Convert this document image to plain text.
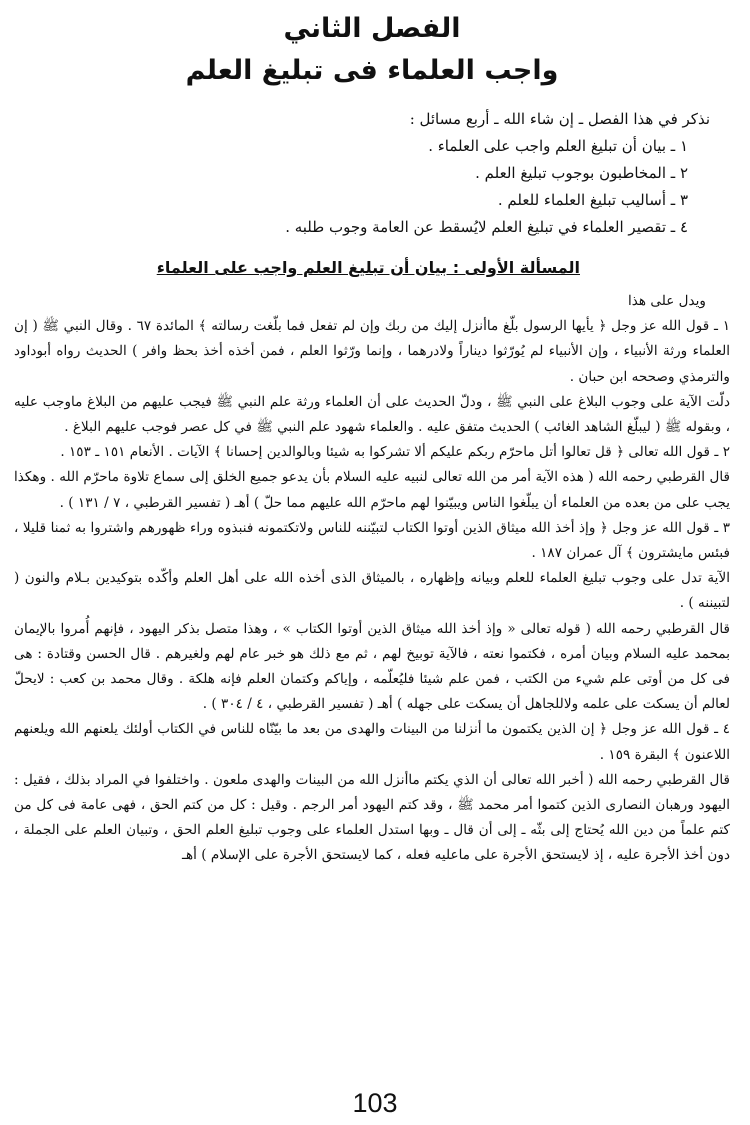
الفصل الثاني
واجب العلماء فى تبليغ العلم
نذكر في هذا الفصل ـ إن شاء الله ـ أربع مسائل :
١ ـ بيان أن تبليغ العلم واجب على العلماء .
٢ ـ المخاطبون بوجوب تبليغ العلم .
٣ ـ أساليب تبليغ العلماء للعلم .
٤ ـ تقصير العلماء في تبليغ العلم لايُسقط عن العامة وجوب طلبه .
المسألة الأولى : بيان أن تبليغ العلم واجب على العلماء

ويدل على هذا

١ ـ قول الله عز وجل ﴿ يأيها الرسول بلّغ ماأنزل إليك من ربك وإن لم تفعل فما بلّغت رسالته ﴾ المائدة ٦٧ . وقال النبي ﷺ ( إن العلماء ورثة الأنبياء ، وإن الأنبياء لم يُورّثوا ديناراً ولادرهما ، وإنما ورّثوا العلم ، فمن أخذه أخذ بحظ وافر ) الحديث رواه أبوداود والترمذي وصححه ابن حبان .

دلّت الآية على وجوب البلاغ على النبي ﷺ ، ودلّ الحديث على أن العلماء ورثة علم النبي ﷺ فيجب عليهم من البلاغ ماوجب عليه ، وبقوله ﷺ ( ليبلّغ الشاهد الغائب ) الحديث متفق عليه . والعلماء شهود علم النبي ﷺ في كل عصر فوجب عليهم البلاغ .

٢ ـ قول الله تعالى ﴿ قل تعالوا أتل ماحرّم ربكم عليكم ألا تشركوا به شيئا وبالوالدين إحسانا ﴾ الآيات . الأنعام ١٥١ ـ ١٥٣ .

قال القرطبي رحمه الله ( هذه الآية أمر من الله تعالى لنبيه عليه السلام بأن يدعو جميع الخلق إلى سماع تلاوة ماحرّم الله . وهكذا يجب على من بعده من العلماء أن يبلّغوا الناس ويبيّنوا لهم ماحرّم الله عليهم مما حلّ ) أهـ ( تفسير القرطبي ، ٧ / ١٣١ ) .

٣ ـ قول الله عز وجل ﴿ وإذ أخذ الله ميثاق الذين أوتوا الكتاب لتبيّننه للناس ولاتكتمونه فنبذوه وراء ظهورهم واشتروا به ثمنا قليلا ، فبئس مايشترون ﴾ آل عمران ١٨٧ .

الآية تدل على وجوب تبليغ العلماء للعلم وبيانه وإظهاره ، بالميثاق الذى أخذه الله على أهل العلم وأكّده بتوكيدين بـلام والنون ( لتبيننه ) .

قال القرطبي رحمه الله ( قوله تعالى « وإذ أخذ الله ميثاق الذين أوتوا الكتاب » ، وهذا متصل بذكر اليهود ، فإنهم أُمروا بالإيمان بمحمد عليه السلام وبيان أمره ، فكتموا نعته ، فالآية توبيخ لهم ، ثم مع ذلك هو خبر عام لهم ولغيرهم . قال الحسن وقتادة : هى فى كل من أوتى علم شيء من الكتب ، فمن علم شيئا فليُعلّمه ، وإياكم وكتمان العلم فإنه هلكة . وقال محمد بن كعب : لايحلّ لعالم أن يسكت على علمه ولاللجاهل أن يسكت على جهله ) أهـ ( تفسير القرطبي ، ٤ / ٣٠٤ ) .

٤ ـ قول الله عز وجل ﴿ إن الذين يكتمون ما أنزلنا من البينات والهدى من بعد ما بيّنّاه للناس في الكتاب أولئك يلعنهم الله ويلعنهم اللاعنون ﴾ البقرة ١٥٩ .

قال القرطبي رحمه الله ( أخبر الله تعالى أن الذي يكتم ماأنزل الله من البينات والهدى ملعون . واختلفوا في المراد بذلك ، فقيل : اليهود ورهبان النصارى الذين كتموا أمر محمد ﷺ ، وقد كتم اليهود أمر الرجم . وقيل : كل من كتم الحق ، فهى عامة فى كل من كتم علماً من دين الله يُحتاج إلى بثّه ـ إلى أن قال ـ وبها استدل العلماء على وجوب تبليغ العلم الحق ، وتبيان العلم على الجملة ، دون أخذ الأجرة عليه ، إذ لايستحق الأجرة على ماعليه فعله ، كما لايستحق الأجرة على الإسلام ) أهـ

103
